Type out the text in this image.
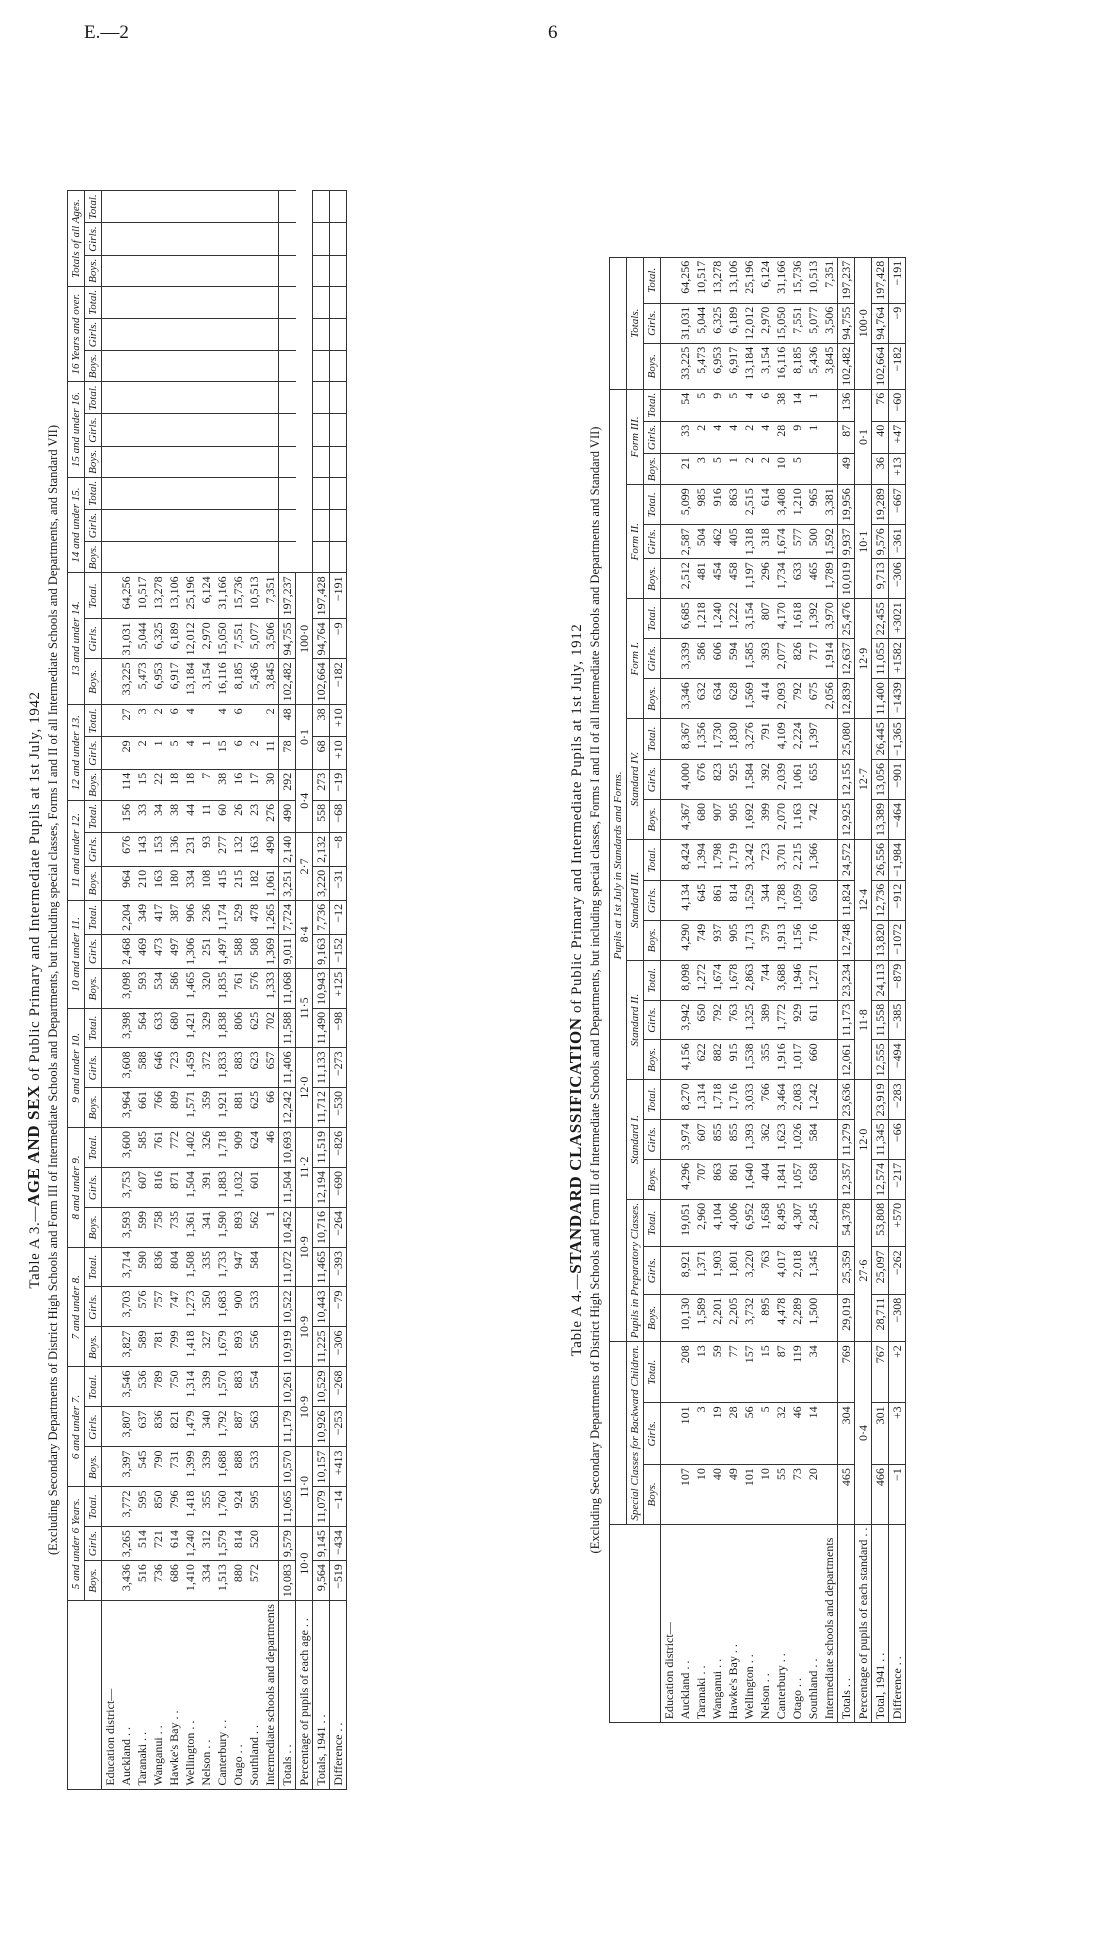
E.—2	6
Table A 3.—AGE AND SEX of Public Primary and Intermediate Pupils at 1st July, 1942 (Excluding Secondary Departments of District High Schools and Form III of Intermediate Schools and Departments, but including special classes, Forms I and II of all Intermediate Schools and Departments, and Standard VII)
	5 and under 6 Years.			6 and under 7.			7 and under 8.			8 and under 9.			9 and under 10.			10 and under 11.			11 and under 12.			12 and under 13.			13 and under 14.			14 and under 15.			15 and under 16.			16 Years and over.			Totals of all Ages.		
	Boys.	Girls.	Total.	Boys.	Girls.	Total.	Boys.	Girls.	Total.	Boys.	Girls.	Total.	Boys.	Girls.	Total.	Boys.	Girls.	Total.	Boys.	Girls.	Total.	Boys.	Girls.	Total.	Boys.	Girls.	Total.	Boys.	Girls.	Total.	Boys.	Girls.	Total.	Boys.	Girls.	Total.	Boys.	Girls.	Total.
Education district—																																							
Auckland . .	3,436	3,265	3,772	3,397	3,807	3,546	3,827	3,703	3,714	3,593	3,753	3,600	3,964	3,608	3,398	3,098	2,468	2,204	964	676	156	114	29	27	33,225	31,031	64,256												
Taranaki . .	516	514	595	545	637	536	589	576	590	599	607	585	661	588	564	593	469	349	210	143	33	15	2	3	5,473	5,044	10,517												
Wanganui . .	736	721	850	790	836	789	781	757	836	758	816	761	766	646	633	534	473	417	163	153	34	22	1	2	6,953	6,325	13,278												
Hawke's Bay . .	686	614	796	731	821	750	799	747	804	735	871	772	809	723	680	586	497	387	180	136	38	18	5	6	6,917	6,189	13,106												
Wellington . .	1,410	1,240	1,418	1,399	1,479	1,314	1,418	1,273	1,508	1,361	1,504	1,402	1,571	1,459	1,421	1,465	1,306	906	334	231	44	18	4	4	13,184	12,012	25,196												
Nelson . .	334	312	355	339	340	339	327	350	335	341	391	326	359	372	329	320	251	236	108	93	11	7	1		3,154	2,970	6,124												
Canterbury . .	1,513	1,579	1,760	1,688	1,792	1,570	1,679	1,683	1,733	1,590	1,883	1,718	1,921	1,833	1,838	1,835	1,497	1,174	415	277	60	38	15	4	16,116	15,050	31,166												
Otago . .	880	814	924	888	887	883	893	900	947	893	1,032	909	881	883	806	761	588	529	215	132	26	16	6	6	8,185	7,551	15,736												
Southland . .	572	520	595	533	563	554	556	533	584	562	601	624	625	623	625	576	508	478	182	163	23	17	2		5,436	5,077	10,513												
Intermediate schools and departments										1		46	66	657	702	1,333	1,369	1,265	1,061	490	276	30	11	2	3,845	3,506	7,351												
Totals . .	10,083	9,579	11,065	10,570	11,179	10,261	10,919	10,522	11,072	10,452	11,504	10,693	12,242	11,406	11,588	11,068	9,011	7,724	3,251	2,140	490	292	78	48	102,482	94,755	197,237												
Percentage of pupils of each age . .	10·0		11·0		10·9		10·9		10·9		11·2		12·0		11·5		8·4		2·7		0·4		0·1		100·0														
Totals, 1941 . .	9,564	9,145	11,079	10,157	10,926	10,529	11,225	10,443	11,465	10,716	12,194	11,519	11,712	11,133	11,490	10,943	9,163	7,736	3,220	2,132	558	273	68	38	102,664	94,764	197,428												
Difference . .	−519	−434	−14	+413	−253	−268	−306	−79	−393	−264	−690	−826	−530	−273	−98	+125	−152	−12	−31	−8	−68	−19	+10	+10	−182	−9	−191												
Table A 4.—STANDARD CLASSIFICATION of Public Primary and Intermediate Pupils at 1st July, 1912 (Excluding Secondary Departments of District High Schools and Form III of Intermediate Schools and Departments, but including special classes, Forms I and II of all Intermediate Schools and Departments and Standard VII)
				Pupils at 1st July in Standards and Forms.																										
	Special Classes for Backward Children.			Pupils in Preparatory Classes.			Standard I.			Standard II.			Standard III.			Standard IV.			Form I.			Form II.			Form III.			Totals.		
	Boys.	Girls.	Total.	Boys.	Girls.	Total.	Boys.	Girls.	Total.	Boys.	Girls.	Total.	Boys.	Girls.	Total.	Boys.	Girls.	Total.	Boys.	Girls.	Total.	Boys.	Girls.	Total.	Boys.	Girls.	Total.	Boys.	Girls.	Total.
Education district—																														
Auckland . .	107	101	208	10,130	8,921	19,051	4,296	3,974	8,270	4,156	3,942	8,098	4,290	4,134	8,424	4,367	4,000	8,367	3,346	3,339	6,685	2,512	2,587	5,099	21	33	54	33,225	31,031	64,256
Taranaki . .	10	3	13	1,589	1,371	2,960	707	607	1,314	622	650	1,272	749	645	1,394	680	676	1,356	632	586	1,218	481	504	985	3	2	5	5,473	5,044	10,517
Wanganui . .	40	19	59	2,201	1,903	4,104	863	855	1,718	882	792	1,674	937	861	1,798	907	823	1,730	634	606	1,240	454	462	916	5	4	9	6,953	6,325	13,278
Hawke's Bay . .	49	28	77	2,205	1,801	4,006	861	855	1,716	915	763	1,678	905	814	1,719	905	925	1,830	628	594	1,222	458	405	863	1	4	5	6,917	6,189	13,106
Wellington . .	101	56	157	3,732	3,220	6,952	1,640	1,393	3,033	1,538	1,325	2,863	1,713	1,529	3,242	1,692	1,584	3,276	1,569	1,585	3,154	1,197	1,318	2,515	2	2	4	13,184	12,012	25,196
Nelson . .	10	5	15	895	763	1,658	404	362	766	355	389	744	379	344	723	399	392	791	414	393	807	296	318	614	2	4	6	3,154	2,970	6,124
Canterbury . .	55	32	87	4,478	4,017	8,495	1,841	1,623	3,464	1,916	1,772	3,688	1,913	1,788	3,701	2,070	2,039	4,109	2,093	2,077	4,170	1,734	1,674	3,408	10	28	38	16,116	15,050	31,166
Otago . .	73	46	119	2,289	2,018	4,307	1,057	1,026	2,083	1,017	929	1,946	1,156	1,059	2,215	1,163	1,061	2,224	792	826	1,618	633	577	1,210	5	9	14	8,185	7,551	15,736
Southland . .	20	14	34	1,500	1,345	2,845	658	584	1,242	660	611	1,271	716	650	1,366	742	655	1,397	675	717	1,392	465	500	965		1	1	5,436	5,077	10,513
Intermediate schools and departments																			2,056	1,914	3,970	1,789	1,592	3,381				3,845	3,506	7,351
Totals . .	465	304	769	29,019	25,359	54,378	12,357	11,279	23,636	12,061	11,173	23,234	12,748	11,824	24,572	12,925	12,155	25,080	12,839	12,637	25,476	10,019	9,937	19,956	49	87	136	102,482	94,755	197,237
Percentage of pupils of each standard . .	0·4			27·6			12·0			11·8			12·4			12·7			12·9			10·1			0·1			100·0		
Total, 1941 . .	466	301	767	28,711	25,097	53,808	12,574	11,345	23,919	12,555	11,558	24,113	13,820	12,736	26,556	13,389	13,056	26,445	11,400	11,055	22,455	9,713	9,576	19,289	36	40	76	102,664	94,764	197,428
Difference . .	−1	+3	+2	−308	−262	+570	−217	−66	−283	−494	−385	−879	−1072	−912	−1,984	−464	−901	−1,365	−1439	+1582	+3021	−306	−361	−667	+13	+47	−60	−182	−9	−191
